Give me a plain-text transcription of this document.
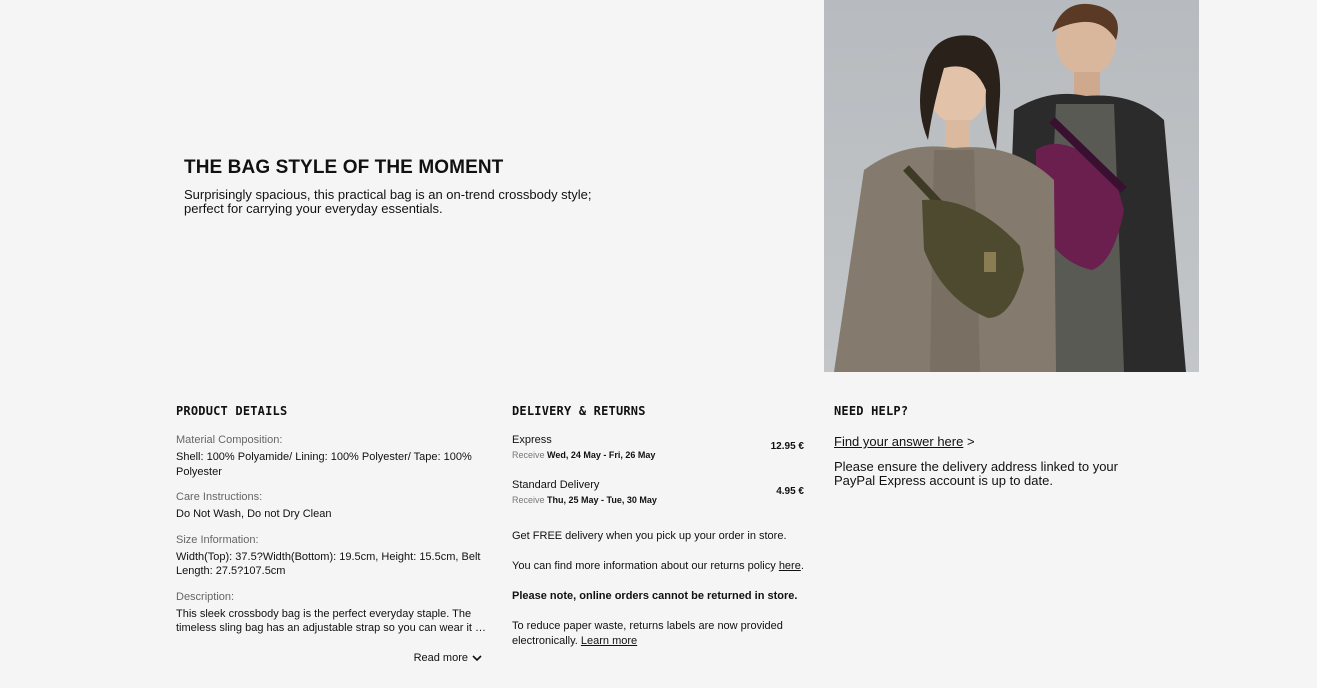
THE BAG STYLE OF THE MOMENT

Surprisingly spacious, this practical bag is an on-trend crossbody style;
perfect for carrying your everyday essentials.

PRODUCT DETAILS
Material Composition:
Shell: 100% Polyamide/ Lining: 100% Polyester/ Tape: 100% Polyester
Care Instructions:
Do Not Wash, Do not Dry Clean
Size Information:
Width(Top): 37.5?Width(Bottom): 19.5cm, Height: 15.5cm, Belt Length: 27.5?107.5cm
Description:
This sleek crossbody bag is the perfect everyday staple. The timeless sling bag has an adjustable strap so you can wear it …
Read more
DELIVERY & RETURNS
Express
Receive Wed, 24 May - Fri, 26 May
12.95 €
Standard Delivery
Receive Thu, 25 May - Tue, 30 May
4.95 €
Get FREE delivery when you pick up your order in store.
You can find more information about our returns policy here.
Please note, online orders cannot be returned in store.
To reduce paper waste, returns labels are now provided electronically. Learn more
NEED HELP?
Find your answer here >
Please ensure the delivery address linked to your PayPal Express account is up to date.
